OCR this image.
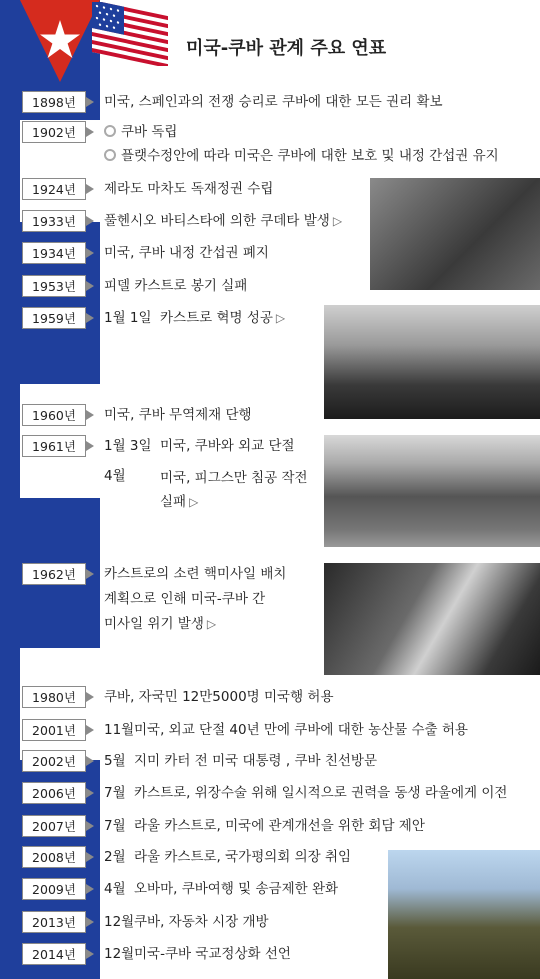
미국-쿠바 관계 주요 연표
1898년	미국, 스페인과의 전쟁 승리로 쿠바에 대한 모든 권리 확보
1902년	쿠바 독립
플랫수정안에 따라 미국은 쿠바에 대한 보호 및 내정 간섭권 유지
1924년	제라도 마차도 독재정권 수립
1933년	풀헨시오 바티스타에 의한 쿠데타 발생 ▷
1934년	미국, 쿠바 내정 간섭권 폐지
1953년	피델 카스트로 봉기 실패
1959년	1월 1일 카스트로 혁명 성공 ▷
1960년	미국, 쿠바 무역제재 단행
1961년	1월 3일 미국, 쿠바와 외교 단절
4월	미국, 피그스만 침공 작전
실패 ▷
1962년	카스트로의 소련 핵미사일 배치
계획으로 인해 미국-쿠바 간
미사일 위기 발생 ▷
1980년	쿠바, 자국민 12만5000명 미국행 허용
2001년	11월 미국, 외교 단절 40년 만에 쿠바에 대한 농산물 수출 허용
2002년	5월 지미 카터 전 미국 대통령 , 쿠바 친선방문
2006년	7월 카스트로, 위장수술 위해 일시적으로 권력을 동생 라울에게 이전
2007년	7월 라울 카스트로, 미국에 관계개선을 위한 회담 제안
2008년	2월 라울 카스트로, 국가평의회 의장 취임
2009년	4월 오바마, 쿠바여행 및 송금제한 완화
2013년	12월 쿠바, 자동차 시장 개방
2014년	12월 미국-쿠바 국교정상화 선언
